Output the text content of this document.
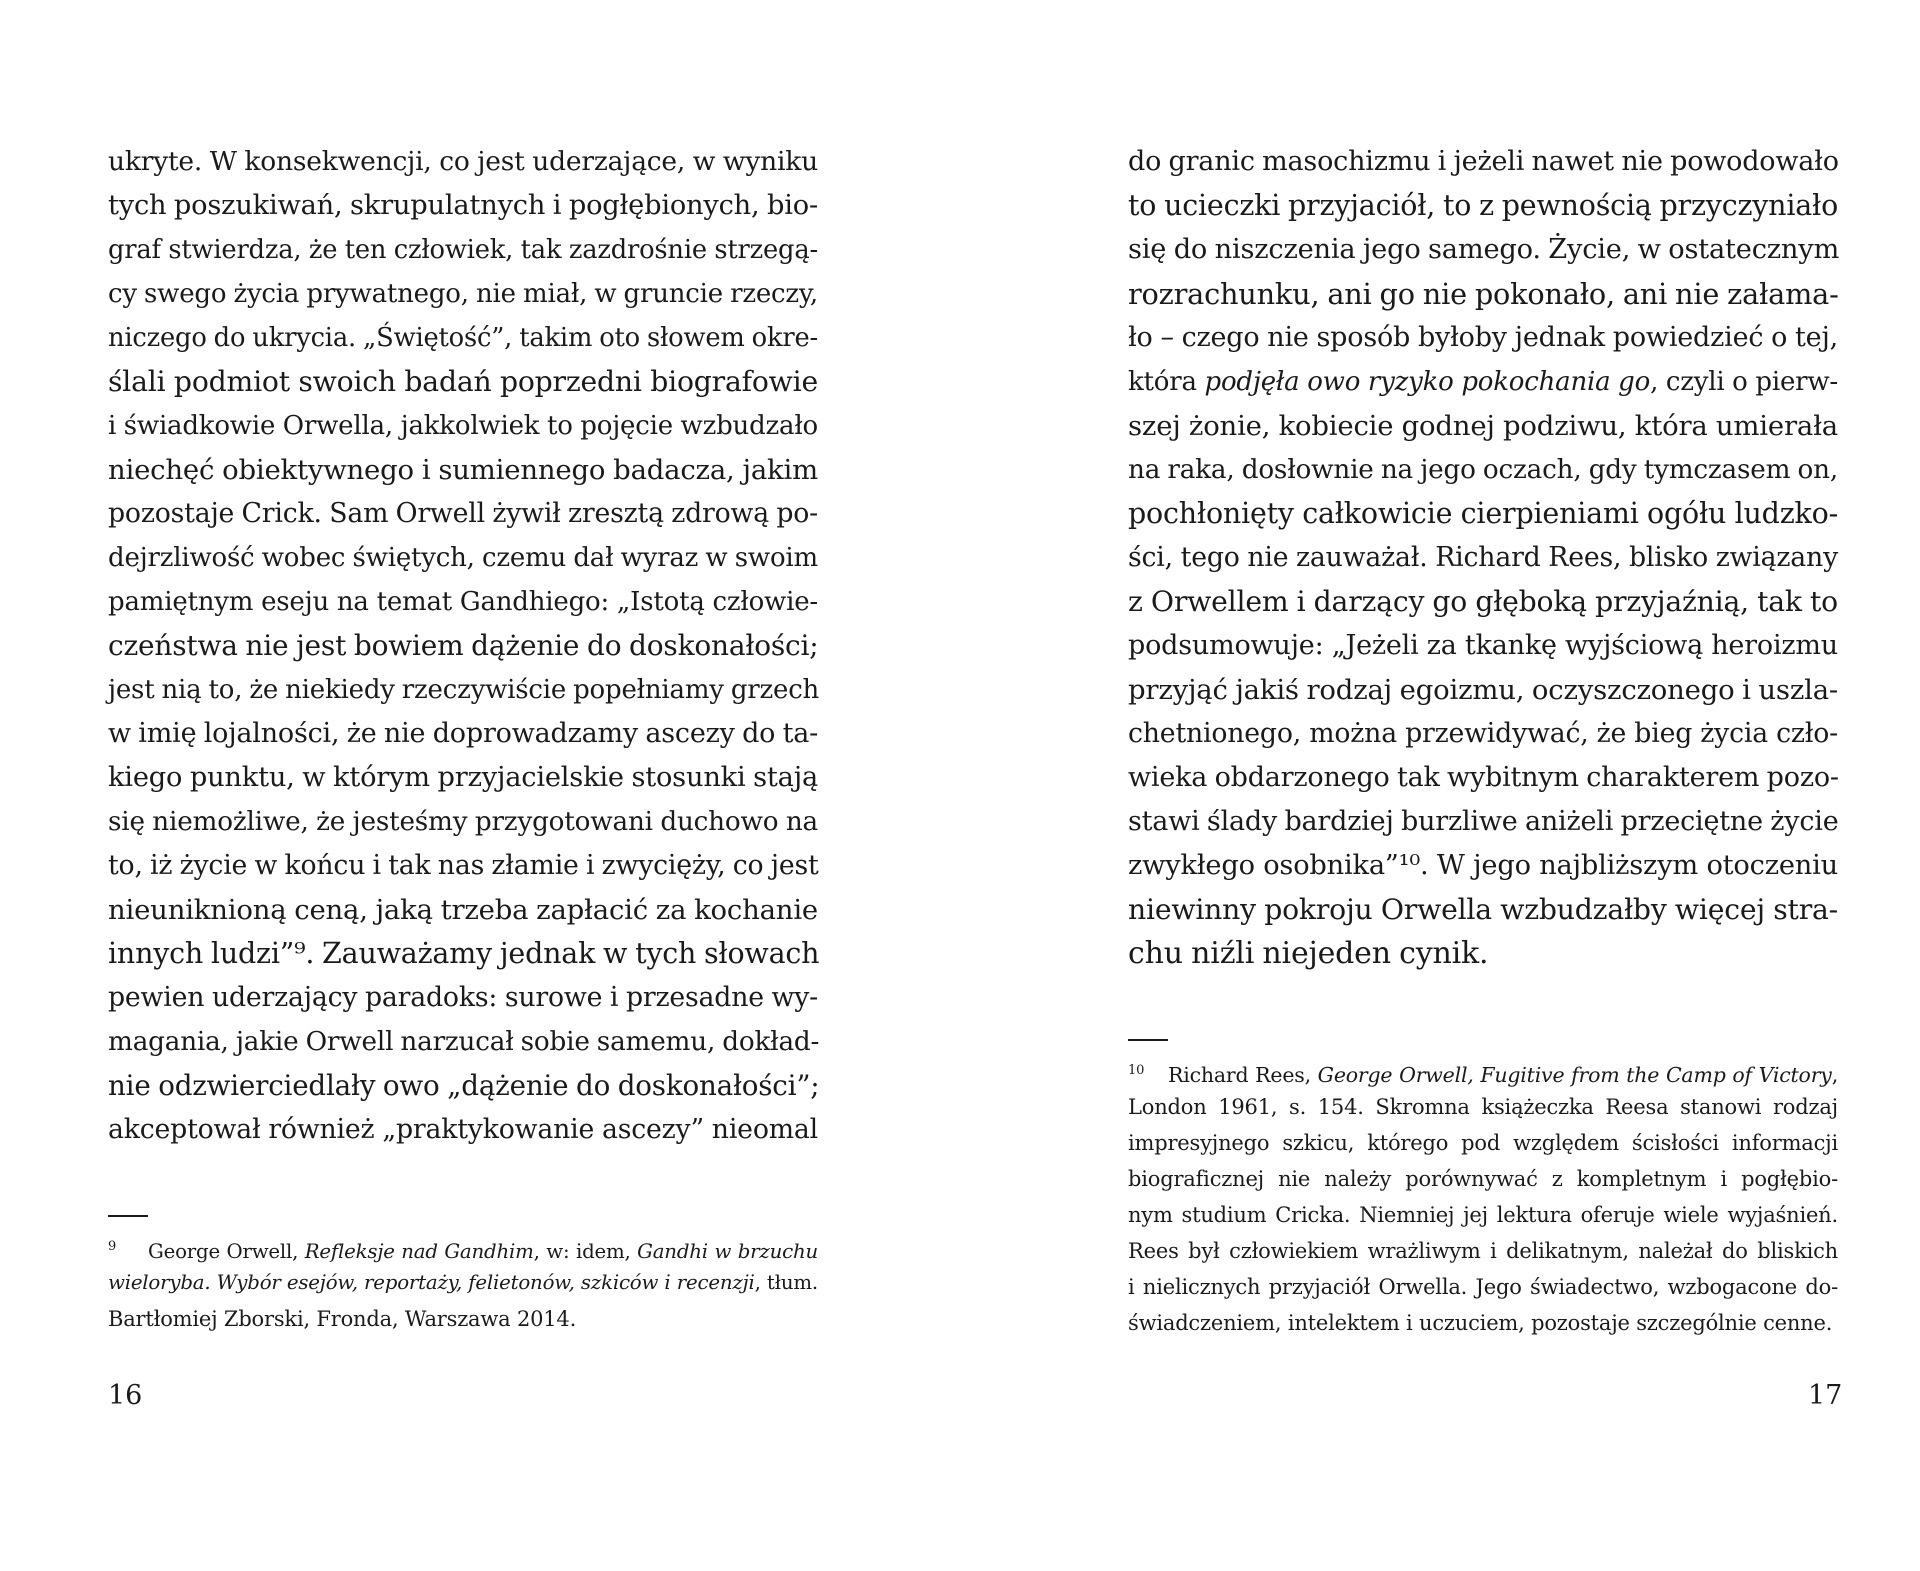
ukryte. W konsekwencji, co jest uderzające, w wyniku
tych poszukiwań, skrupulatnych i pogłębionych, bio-
graf stwierdza, że ten człowiek, tak zazdrośnie strzegą-
cy swego życia prywatnego, nie miał, w gruncie rzeczy,
niczego do ukrycia. „Świętość”, takim oto słowem okre-
ślali podmiot swoich badań poprzedni biografowie
i świadkowie Orwella, jakkolwiek to pojęcie wzbudzało
niechęć obiektywnego i sumiennego badacza, jakim
pozostaje Crick. Sam Orwell żywił zresztą zdrową po-
dejrzliwość wobec świętych, czemu dał wyraz w swoim
pamiętnym eseju na temat Gandhiego: „Istotą człowie-
czeństwa nie jest bowiem dążenie do doskonałości;
jest nią to, że niekiedy rzeczywiście popełniamy grzech
w imię lojalności, że nie doprowadzamy ascezy do ta-
kiego punktu, w którym przyjacielskie stosunki stają
się niemożliwe, że jesteśmy przygotowani duchowo na
to, iż życie w końcu i tak nas złamie i zwycięży, co jest
nieuniknioną ceną, jaką trzeba zapłacić za kochanie
innych ludzi”⁹. Zauważamy jednak w tych słowach
pewien uderzający paradoks: surowe i przesadne wy-
magania, jakie Orwell narzucał sobie samemu, dokład-
nie odzwierciedlały owo „dążenie do doskonałości”;
akceptował również „praktykowanie ascezy” nieomal
9 George Orwell, Refleksje nad Gandhim, w: idem, Gandhi w brzuchu
wieloryba. Wybór esejów, reportaży, felietonów, szkiców i recenzji, tłum.
Bartłomiej Zborski, Fronda, Warszawa 2014.
do granic masochizmu i jeżeli nawet nie powodowało
to ucieczki przyjaciół, to z pewnością przyczyniało
się do niszczenia jego samego. Życie, w ostatecznym
rozrachunku, ani go nie pokonało, ani nie załama-
ło – czego nie sposób byłoby jednak powiedzieć o tej,
która podjęła owo ryzyko pokochania go, czyli o pierw-
szej żonie, kobiecie godnej podziwu, która umierała
na raka, dosłownie na jego oczach, gdy tymczasem on,
pochłonięty całkowicie cierpieniami ogółu ludzko-
ści, tego nie zauważał. Richard Rees, blisko związany
z Orwellem i darzący go głęboką przyjaźnią, tak to
podsumowuje: „Jeżeli za tkankę wyjściową heroizmu
przyjąć jakiś rodzaj egoizmu, oczyszczonego i uszla-
chetnionego, można przewidywać, że bieg życia czło-
wieka obdarzonego tak wybitnym charakterem pozo-
stawi ślady bardziej burzliwe aniżeli przeciętne życie
zwykłego osobnika”¹⁰. W jego najbliższym otoczeniu
niewinny pokroju Orwella wzbudzałby więcej stra-
chu niźli niejeden cynik.
10 Richard Rees, George Orwell, Fugitive from the Camp of Victory,
London 1961, s. 154. Skromna książeczka Reesa stanowi rodzaj
impresyjnego szkicu, którego pod względem ścisłości informacji
biograficznej nie należy porównywać z kompletnym i pogłębio-
nym studium Cricka. Niemniej jej lektura oferuje wiele wyjaśnień.
Rees był człowiekiem wrażliwym i delikatnym, należał do bliskich
i nielicznych przyjaciół Orwella. Jego świadectwo, wzbogacone do-
świadczeniem, intelektem i uczuciem, pozostaje szczególnie cenne.
16	17
